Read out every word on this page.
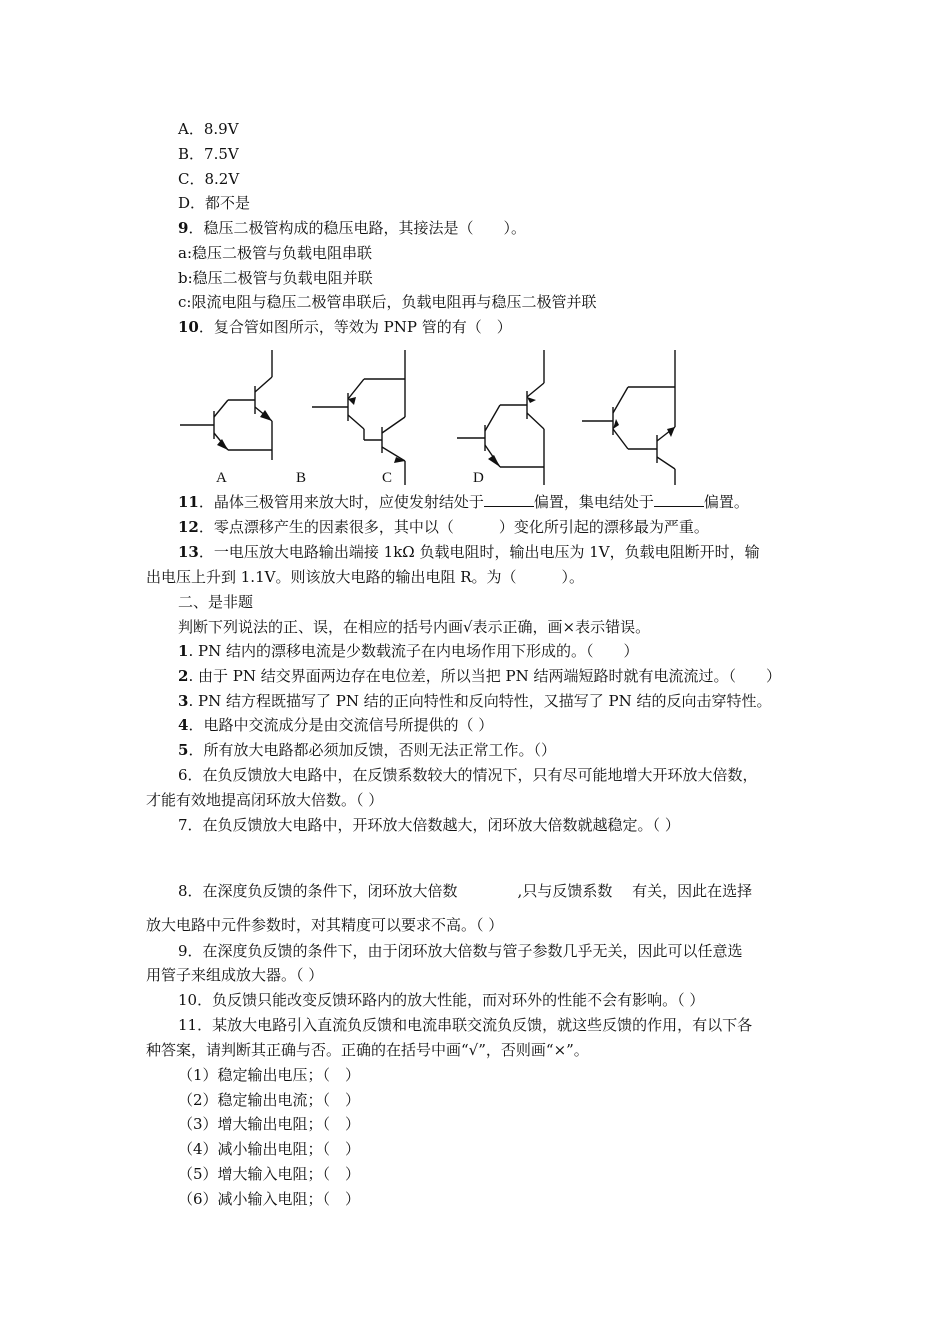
A．8.9V
B．7.5V
C．8.2V
D．都不是
9．稳压二极管构成的稳压电路，其接法是（　　）。
a:稳压二极管与负载电阻串联
b:稳压二极管与负载电阻并联
c:限流电阻与稳压二极管串联后，负载电阻再与稳压二极管并联
10．复合管如图所示，等效为 PNP 管的有（　）
A	B	C	D
11．晶体三极管用来放大时，应使发射结处于	偏置，集电结处于	偏置。
12．零点漂移产生的因素很多，其中以（　　　）变化所引起的漂移最为严重。
13．一电压放大电路输出端接 1kΩ 负载电阻时，输出电压为 1V，负载电阻断开时，输
出电压上升到 1.1V。则该放大电路的输出电阻 R。为（　　　）。
二、是非题
判断下列说法的正、误，在相应的括号内画√表示正确，画×表示错误。
1. PN 结内的漂移电流是少数载流子在内电场作用下形成的。（　　）
2. 由于 PN 结交界面两边存在电位差，所以当把 PN 结两端短路时就有电流流过。（　　）
3. PN 结方程既描写了 PN 结的正向特性和反向特性，又描写了 PN 结的反向击穿特性。
4．电路中交流成分是由交流信号所提供的（ ）
5．所有放大电路都必须加反馈，否则无法正常工作。（）
6．在负反馈放大电路中，在反馈系数较大的情况下，只有尽可能地增大开环放大倍数，
才能有效地提高闭环放大倍数。（ ）
7．在负反馈放大电路中，开环放大倍数越大，闭环放大倍数就越稳定。（ ）
8．在深度负反馈的条件下，闭环放大倍数　　　　,只与反馈系数　 有关，因此在选择
放大电路中元件参数时，对其精度可以要求不高。（ ）
9．在深度负反馈的条件下，由于闭环放大倍数与管子参数几乎无关，因此可以任意选
用管子来组成放大器。（ ）
10．负反馈只能改变反馈环路内的放大性能，而对环外的性能不会有影响。（ ）
11．某放大电路引入直流负反馈和电流串联交流负反馈，就这些反馈的作用，有以下各
种答案，请判断其正确与否。正确的在括号中画“√”，否则画“×”。
（1）稳定输出电压；（　）
（2）稳定输出电流；（　）
（3）增大输出电阻；（　）
（4）减小输出电阻；（　）
（5）增大输入电阻；（　）
（6）减小输入电阻；（　）
